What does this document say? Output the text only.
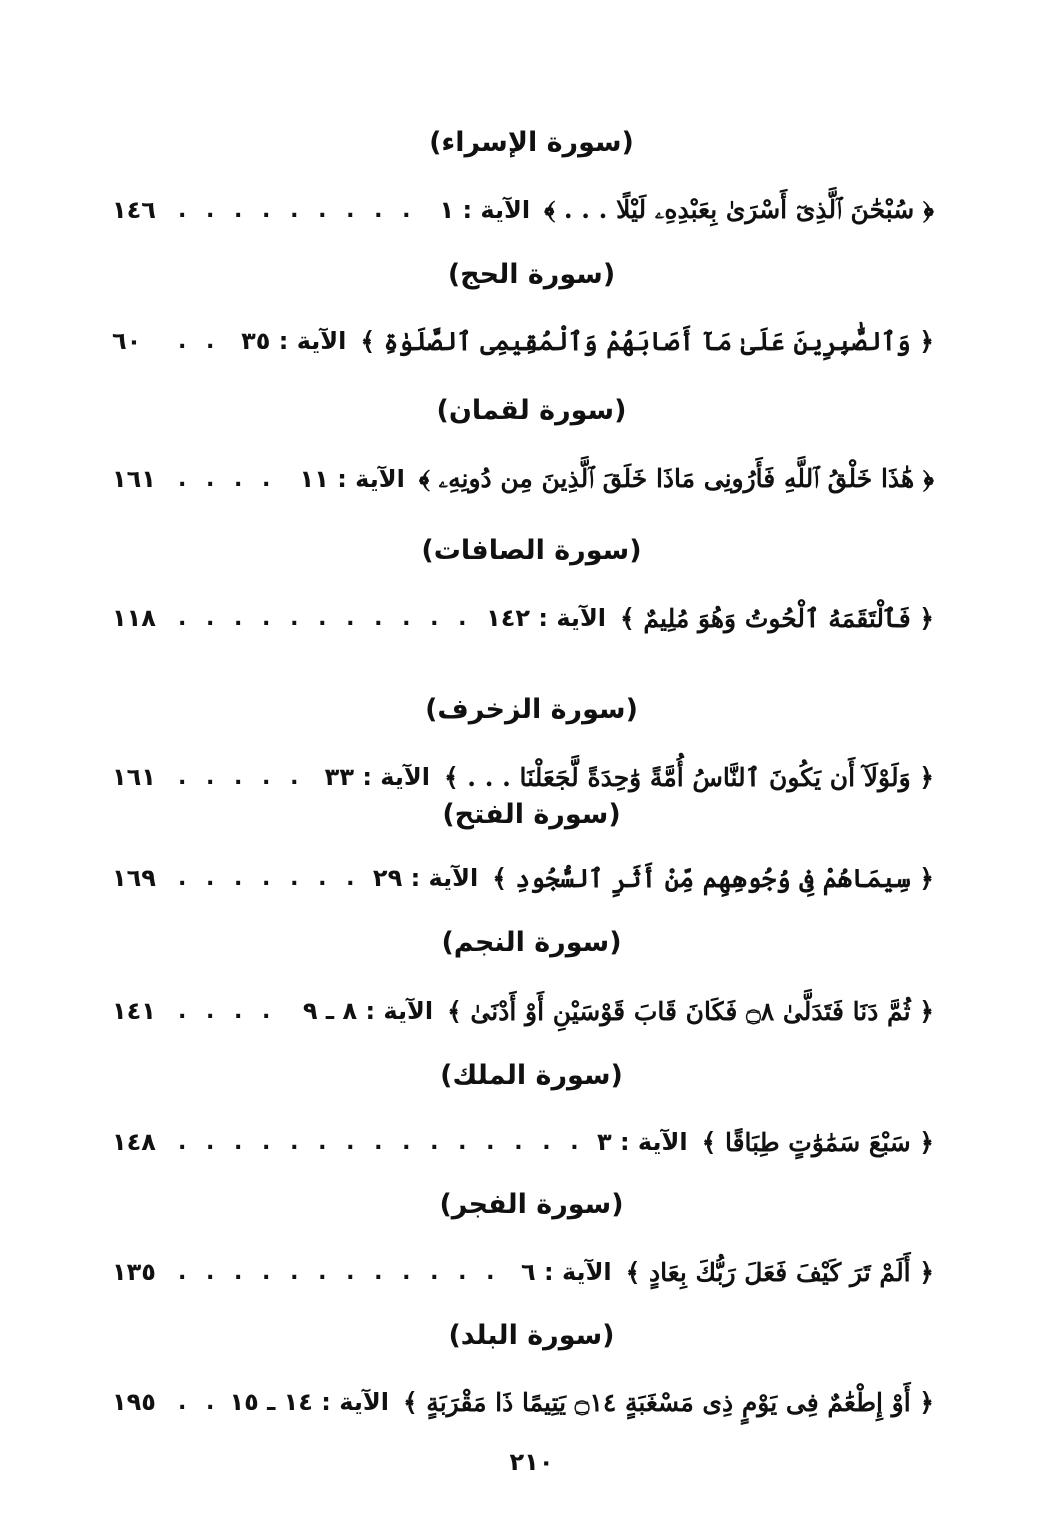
(سورة الإسراء)
﴿ سُبْحَٰنَ ٱلَّذِىٓ أَسْرَىٰ بِعَبْدِهِۦ لَيْلًا . . . ﴾
الآية : ١
. . .
١٤٦
(سورة الحج)
﴿ وَٱلصَّٰبِرِينَ عَلَىٰ مَآ أَصَابَهُمْ وَٱلْمُقِيمِى ٱلصَّلَوٰةِ ﴾
الآية : ٣٥
. . .
٦٠
(سورة لقمان)
﴿ هَٰذَا خَلْقُ ٱللَّهِ فَأَرُونِى مَاذَا خَلَقَ ٱلَّذِينَ مِن دُونِهِۦ ﴾
الآية : ١١
. . .
١٦١
(سورة الصافات)
﴿ فَٱلْتَقَمَهُ ٱلْحُوتُ وَهُوَ مُلِيمٌ ﴾
الآية : ١٤٢
. . .
١١٨
(سورة الزخرف)
﴿ وَلَوْلَآ أَن يَكُونَ ٱلنَّاسُ أُمَّةً وَٰحِدَةً لَّجَعَلْنَا . . . ﴾
الآية : ٣٣
. . .
١٦١
(سورة الفتح)
﴿ سِيمَاهُمْ فِى وُجُوهِهِم مِّنْ أَثَرِ ٱلسُّجُودِ ﴾
الآية : ٢٩
. . .
١٦٩
(سورة النجم)
﴿ ثُمَّ دَنَا فَتَدَلَّىٰ ۝٨ فَكَانَ قَابَ قَوْسَيْنِ أَوْ أَدْنَىٰ ﴾
الآية : ٨ ـ ٩
. . .
١٤١
(سورة الملك)
﴿ سَبْعَ سَمَٰوَٰتٍ طِبَاقًا ﴾
الآية : ٣
. . .
١٤٨
(سورة الفجر)
﴿ أَلَمْ تَرَ كَيْفَ فَعَلَ رَبُّكَ بِعَادٍ ﴾
الآية : ٦
. . .
١٣٥
(سورة البلد)
﴿ أَوْ إِطْعَٰمٌ فِى يَوْمٍ ذِى مَسْغَبَةٍ ۝١٤ يَتِيمًا ذَا مَقْرَبَةٍ ﴾
الآية : ١٤ ـ ١٥
. . .
١٩٥
٢١٠
